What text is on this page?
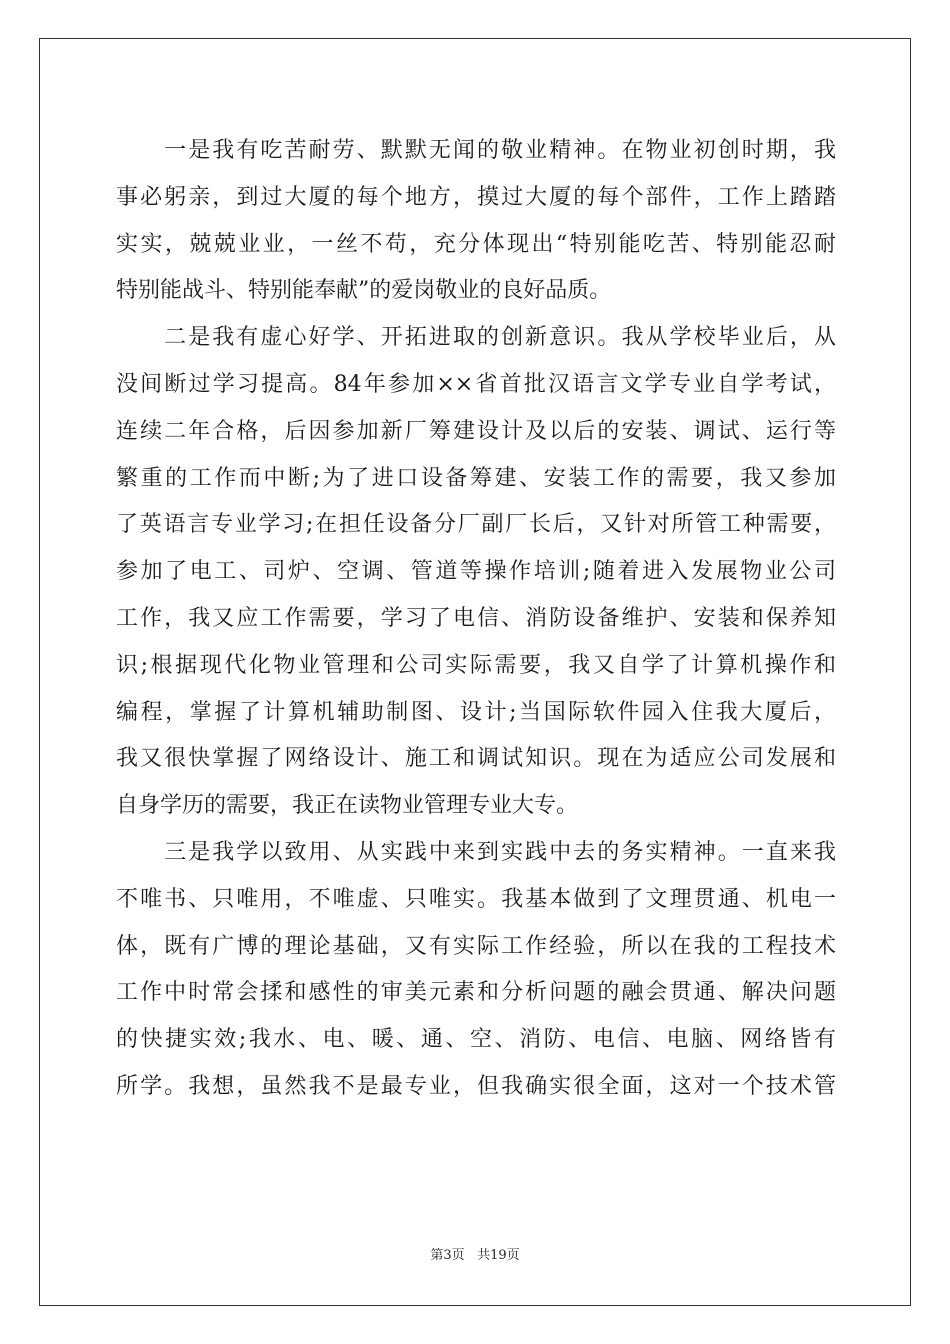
　　一是我有吃苦耐劳、默默无闻的敬业精神。在物业初创时期，我
事必躬亲，到过大厦的每个地方，摸过大厦的每个部件，工作上踏踏
实实，兢兢业业，一丝不苟，充分体现出“特别能吃苦、特别能忍耐
特别能战斗、特别能奉献”的爱岗敬业的良好品质。
　　二是我有虚心好学、开拓进取的创新意识。我从学校毕业后，从
没间断过学习提高。84年参加××省首批汉语言文学专业自学考试，
连续二年合格，后因参加新厂筹建设计及以后的安装、调试、运行等
繁重的工作而中断;为了进口设备筹建、安装工作的需要，我又参加
了英语言专业学习;在担任设备分厂副厂长后，又针对所管工种需要，
参加了电工、司炉、空调、管道等操作培训;随着进入发展物业公司
工作，我又应工作需要，学习了电信、消防设备维护、安装和保养知
识;根据现代化物业管理和公司实际需要，我又自学了计算机操作和
编程，掌握了计算机辅助制图、设计;当国际软件园入住我大厦后，
我又很快掌握了网络设计、施工和调试知识。现在为适应公司发展和
自身学历的需要，我正在读物业管理专业大专。
　　三是我学以致用、从实践中来到实践中去的务实精神。一直来我
不唯书、只唯用，不唯虚、只唯实。我基本做到了文理贯通、机电一
体，既有广博的理论基础，又有实际工作经验，所以在我的工程技术
工作中时常会揉和感性的审美元素和分析问题的融会贯通、解决问题
的快捷实效;我水、电、暖、通、空、消防、电信、电脑、网络皆有
所学。我想，虽然我不是最专业，但我确实很全面，这对一个技术管
第3页 共19页
